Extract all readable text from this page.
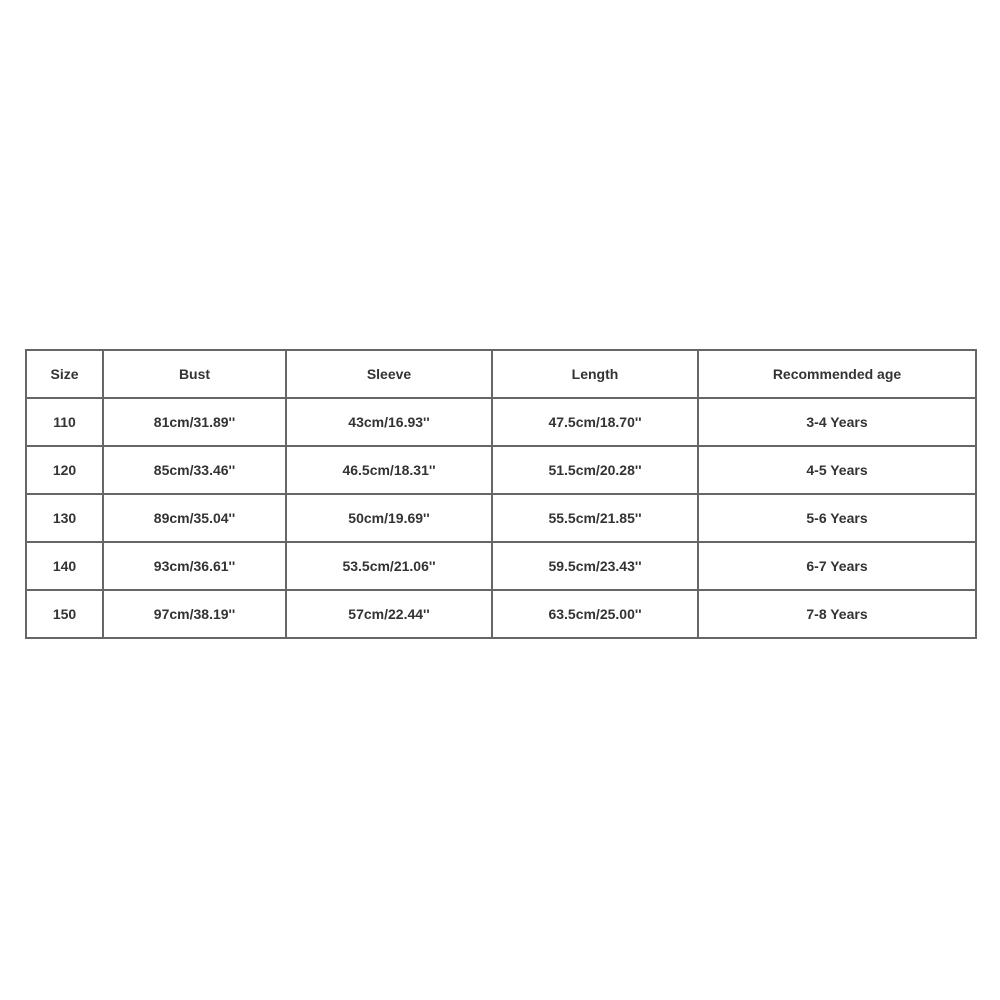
Size	Bust	Sleeve	Length	Recommended age
110	81cm/31.89''	43cm/16.93''	47.5cm/18.70''	3-4 Years
120	85cm/33.46''	46.5cm/18.31''	51.5cm/20.28''	4-5 Years
130	89cm/35.04''	50cm/19.69''	55.5cm/21.85''	5-6 Years
140	93cm/36.61''	53.5cm/21.06''	59.5cm/23.43''	6-7 Years
150	97cm/38.19''	57cm/22.44''	63.5cm/25.00''	7-8 Years
